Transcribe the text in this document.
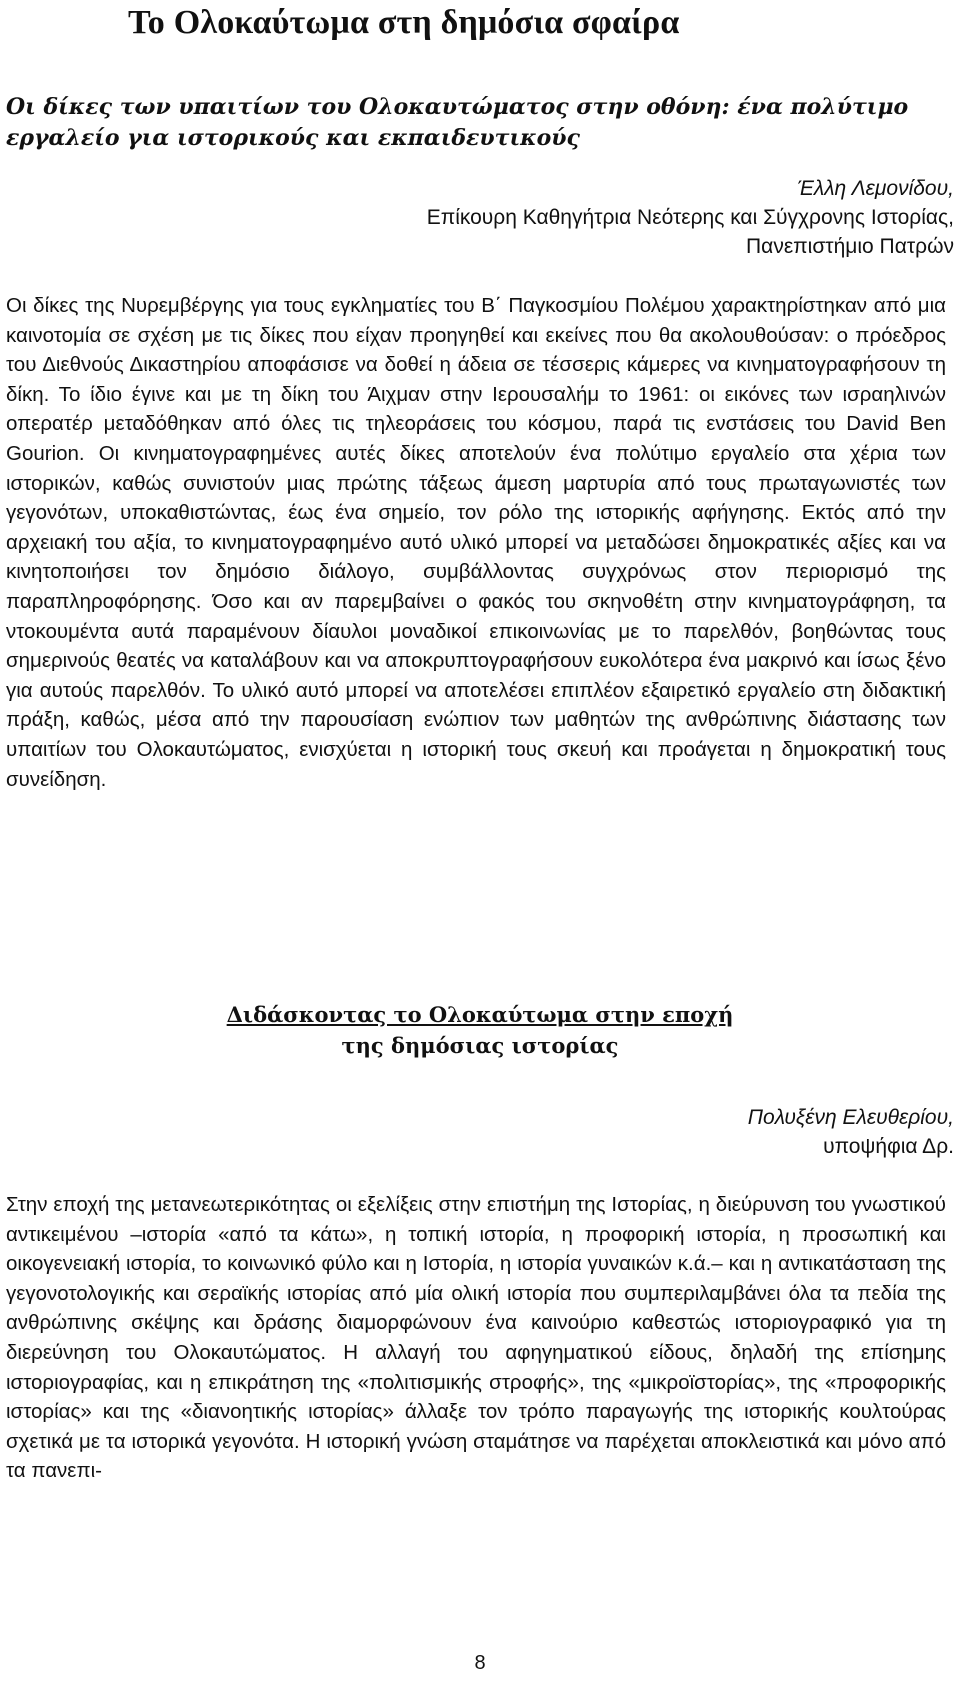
Το Ολοκαύτωμα στη δημόσια σφαίρα
Οι δίκες των υπαιτίων του Ολοκαυτώματος στην οθόνη: ένα πολύτιμο εργαλείο για ιστορικούς και εκπαιδευτικούς
Έλλη Λεμονίδου,
Επίκουρη Καθηγήτρια Νεότερης και Σύγχρονης Ιστορίας,
Πανεπιστήμιο Πατρών

Οι δίκες της Νυρεμβέργης για τους εγκληματίες του Β΄ Παγκοσμίου Πολέμου χαρακτηρίστηκαν από μια καινοτομία σε σχέση με τις δίκες που είχαν προηγηθεί και εκείνες που θα ακολουθούσαν: ο πρόεδρος του Διεθνούς Δικαστηρίου αποφάσισε να δοθεί η άδεια σε τέσσερις κάμερες να κινηματογραφήσουν τη δίκη. Το ίδιο έγινε και με τη δίκη του Άιχμαν στην Ιερουσαλήμ το 1961: οι εικόνες των ισραηλινών οπερατέρ μεταδόθηκαν από όλες τις τηλεοράσεις του κόσμου, παρά τις ενστάσεις του David Ben Gourion. Οι κινηματογραφημένες αυτές δίκες αποτελούν ένα πολύτιμο εργαλείο στα χέρια των ιστορικών, καθώς συνιστούν μιας πρώτης τάξεως άμεση μαρτυρία από τους πρωταγωνιστές των γεγονότων, υποκαθιστώντας, έως ένα σημείο, τον ρόλο της ιστορικής αφήγησης. Εκτός από την αρχειακή του αξία, το κινηματογραφημένο αυτό υλικό μπορεί να μεταδώσει δημοκρατικές αξίες και να κινητοποιήσει τον δημόσιο διάλογο, συμβάλλοντας συγχρόνως στον περιορισμό της παραπληροφόρησης. Όσο και αν παρεμβαίνει ο φακός του σκηνοθέτη στην κινηματογράφηση, τα ντοκουμέντα αυτά παραμένουν δίαυλοι μοναδικοί επικοινωνίας με το παρελθόν, βοηθώντας τους σημερινούς θεατές να καταλάβουν και να αποκρυπτογραφήσουν ευκολότερα ένα μακρινό και ίσως ξένο για αυτούς παρελθόν. Το υλικό αυτό μπορεί να αποτελέσει επιπλέον εξαιρετικό εργαλείο στη διδακτική πράξη, καθώς, μέσα από την παρουσίαση ενώπιον των μαθητών της ανθρώπινης διάστασης των υπαιτίων του Ολοκαυτώματος, ενισχύεται η ιστορική τους σκευή και προάγεται η δημοκρατική τους συνείδηση.

Διδάσκοντας το Ολοκαύτωμα στην εποχή
της δημόσιας ιστορίας
Πολυξένη Ελευθερίου,
υποψήφια Δρ.

Στην εποχή της μετανεωτερικότητας οι εξελίξεις στην επιστήμη της Ιστορίας, η διεύρυνση του γνωστικού αντικειμένου –ιστορία «από τα κάτω», η τοπική ιστορία, η προφορική ιστορία, η προσωπική και οικογενειακή ιστορία, το κοινωνικό φύλο και η Ιστορία, η ιστορία γυναικών κ.ά.– και η αντικατάσταση της γεγονοτολογικής και σεραϊκής ιστορίας από μία ολική ιστορία που συμπεριλαμβάνει όλα τα πεδία της ανθρώπινης σκέψης και δράσης διαμορφώνουν ένα καινούριο καθεστώς ιστοριογραφικό για τη διερεύνηση του Ολοκαυτώματος. Η αλλαγή του αφηγηματικού είδους, δηλαδή της επίσημης ιστοριογραφίας, και η επικράτηση της «πολιτισμικής στροφής», της «μικροϊστορίας», της «προφορικής ιστορίας» και της «διανοητικής ιστορίας» άλλαξε τον τρόπο παραγωγής της ιστορικής κουλτούρας σχετικά με τα ιστορικά γεγονότα. Η ιστορική γνώση σταμάτησε να παρέχεται αποκλειστικά και μόνο από τα πανεπι-

8
